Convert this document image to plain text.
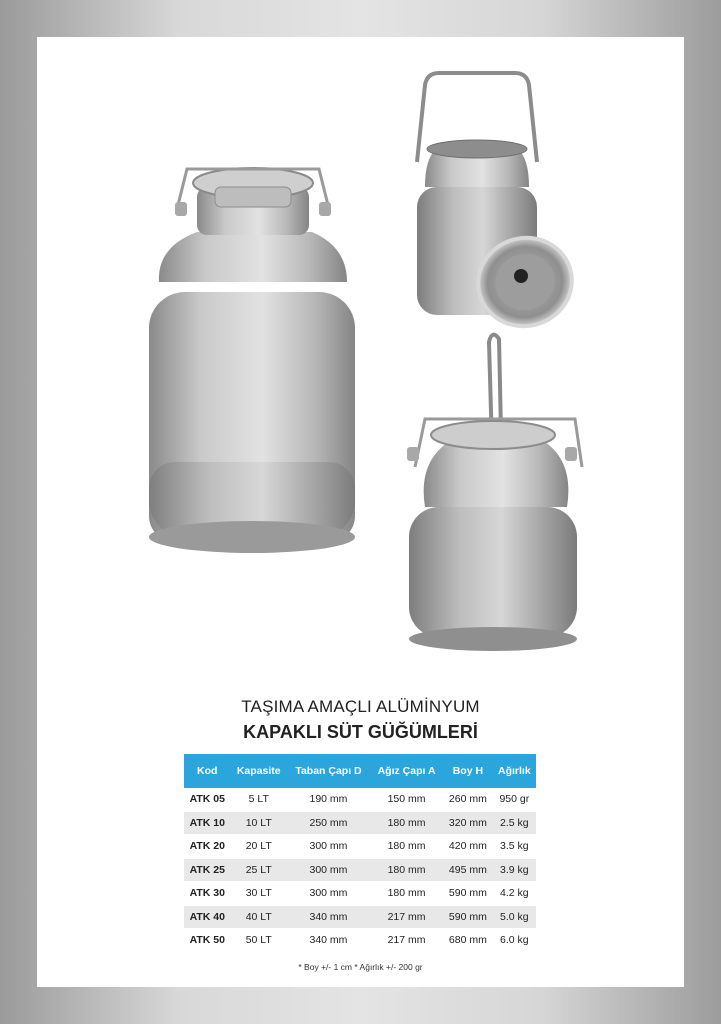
TAŞIMA AMAÇLI ALÜMİNYUM
KAPAKLI SÜT GÜĞÜMLERİ
Kod	Kapasite	Taban Çapı D	Ağız Çapı A	Boy H	Ağırlık
ATK 05	5 LT	190 mm	150 mm	260 mm	950 gr
ATK 10	10 LT	250 mm	180 mm	320 mm	2.5 kg
ATK 20	20 LT	300 mm	180 mm	420 mm	3.5 kg
ATK 25	25 LT	300 mm	180 mm	495 mm	3.9 kg
ATK 30	30 LT	300 mm	180 mm	590 mm	4.2 kg
ATK 40	40 LT	340 mm	217 mm	590 mm	5.0 kg
ATK 50	50 LT	340 mm	217 mm	680 mm	6.0 kg
* Boy +/- 1 cm * Ağırlık +/- 200 gr
